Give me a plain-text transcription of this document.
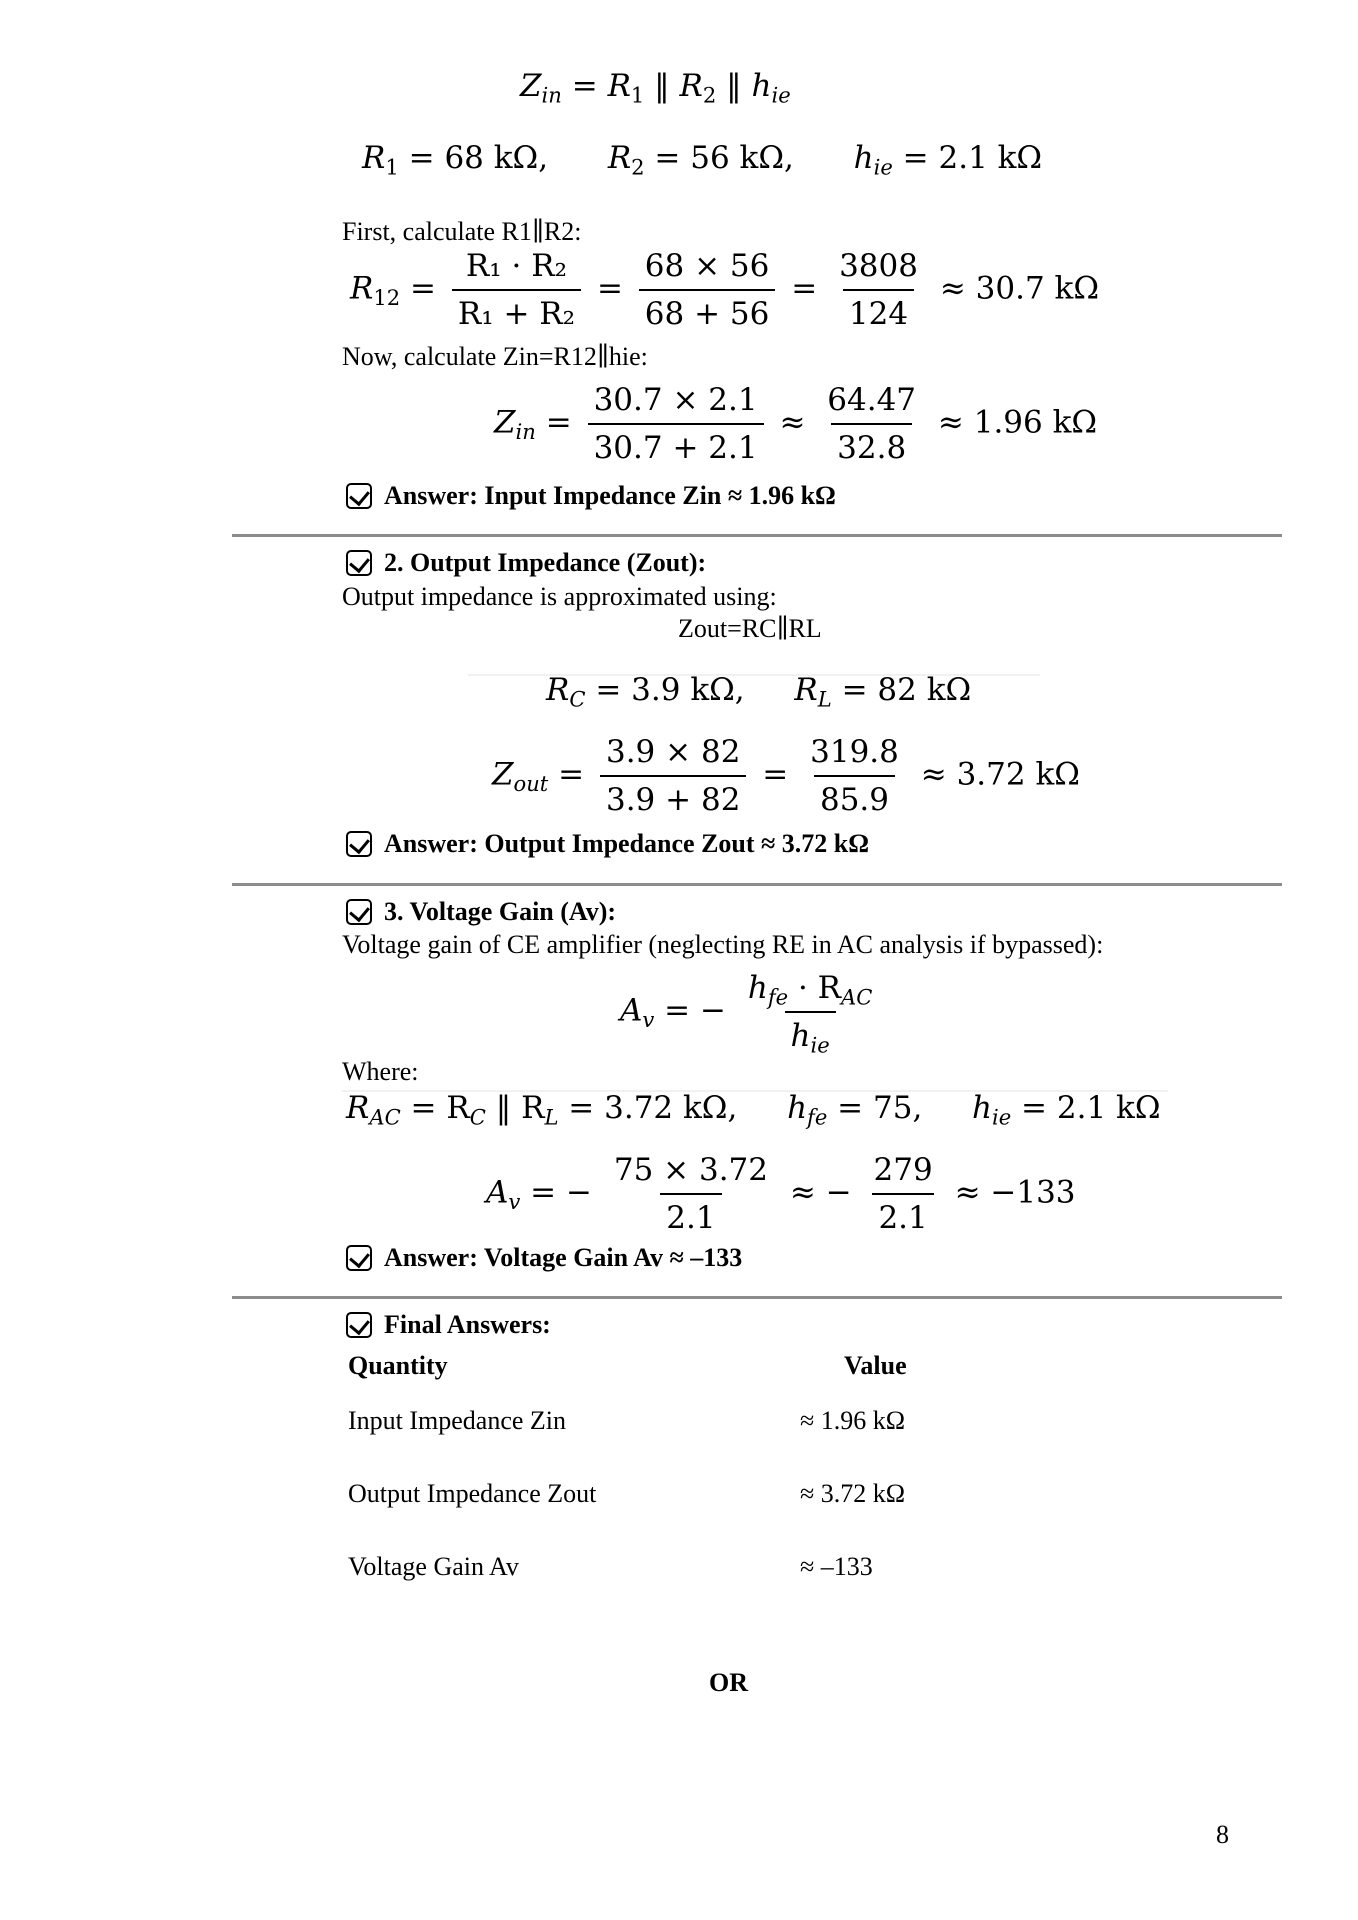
$Z_{in} = R_1$ ‖ $R_2$ ‖ $h_{ie}$
$R_1 = 68$ kΩ, $R_2 = 56$ kΩ, $h_{ie} = 2.1$ kΩ
First, calculate R1∥R2:
$R_{12} = \frac{\text{R₁ · R₂}}{\text{R₁ + R₂}} = \frac{68 \times 56}{68 + 56} = \frac{3808}{124} \approx 30.7$ kΩ
Now, calculate Zin=R12∥hie:
$Z_{in} = \frac{30.7 \times 2.1}{30.7 + 2.1} \approx \frac{64.47}{32.8} \approx 1.96$ kΩ
Answer: Input Impedance Zin ≈ 1.96 kΩ
2. Output Impedance (Zout):
Output impedance is approximated using:
Zout=RC∥RL
$R_C = 3.9$ kΩ, $R_L = 82$ kΩ
$Z_{out} = \frac{3.9 \times 82}{3.9 + 82} = \frac{319.8}{85.9} \approx 3.72$ kΩ
Answer: Output Impedance Zout ≈ 3.72 kΩ
3. Voltage Gain (Av):
Voltage gain of CE amplifier (neglecting RE in AC analysis if bypassed):
$A_v$ = − $\frac{h_{fe} \cdot R_{AC}}{h_{ie}}$
Where:
$R_{AC} = R_C$ ‖ $R_L = 3.72$ kΩ, $h_{fe} = 75$, $h_{ie} = 2.1$ kΩ
$A_v$ = − $\frac{75 \times 3.72}{2.1}$ ≈ − $\frac{279}{2.1} \approx -133$
Answer: Voltage Gain Av ≈ –133
Final Answers:
Quantity	Value
Input Impedance Zin	≈ 1.96 kΩ
Output Impedance Zout	≈ 3.72 kΩ
Voltage Gain Av	≈ –133
OR
8
